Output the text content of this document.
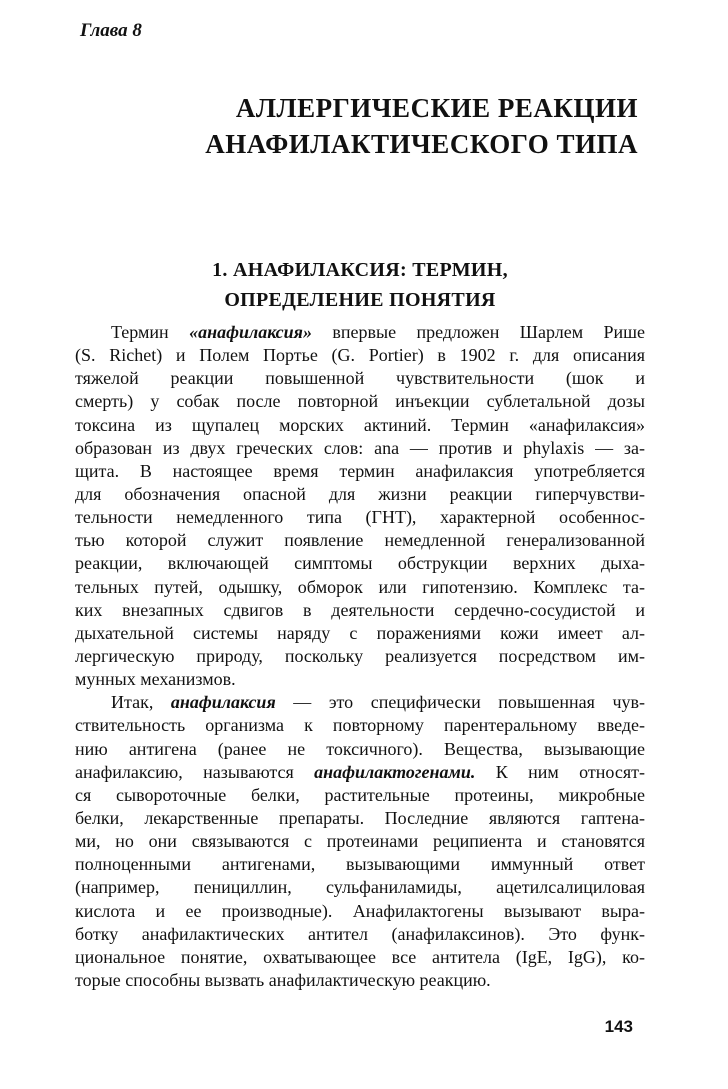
Глава 8
АЛЛЕРГИЧЕСКИЕ РЕАКЦИИ
АНАФИЛАКТИЧЕСКОГО ТИПА
1. АНАФИЛАКСИЯ: ТЕРМИН,
ОПРЕДЕЛЕНИЕ ПОНЯТИЯ
Термин «анафилаксия» впервые предложен Шарлем Рише
(S. Richet) и Полем Портье (G. Portier) в 1902 г. для описания
тяжелой реакции повышенной чувствительности (шок и
смерть) у собак после повторной инъекции сублетальной дозы
токсина из щупалец морских актиний. Термин «анафилаксия»
образован из двух греческих слов: ana — против и phylaxis — за-
щита. В настоящее время термин анафилаксия употребляется
для обозначения опасной для жизни реакции гиперчувстви-
тельности немедленного типа (ГНТ), характерной особеннос-
тью которой служит появление немедленной генерализованной
реакции, включающей симптомы обструкции верхних дыха-
тельных путей, одышку, обморок или гипотензию. Комплекс та-
ких внезапных сдвигов в деятельности сердечно-сосудистой и
дыхательной системы наряду с поражениями кожи имеет ал-
лергическую природу, поскольку реализуется посредством им-
мунных механизмов.
Итак, анафилаксия — это специфически повышенная чув-
ствительность организма к повторному парентеральному введе-
нию антигена (ранее не токсичного). Вещества, вызывающие
анафилаксию, называются анафилактогенами. К ним относят-
ся сывороточные белки, растительные протеины, микробные
белки, лекарственные препараты. Последние являются гаптена-
ми, но они связываются с протеинами реципиента и становятся
полноценными антигенами, вызывающими иммунный ответ
(например, пенициллин, сульфаниламиды, ацетилсалициловая
кислота и ее производные). Анафилактогены вызывают выра-
ботку анафилактических антител (анафилаксинов). Это функ-
циональное понятие, охватывающее все антитела (IgE, IgG), ко-
торые способны вызвать анафилактическую реакцию.
143
